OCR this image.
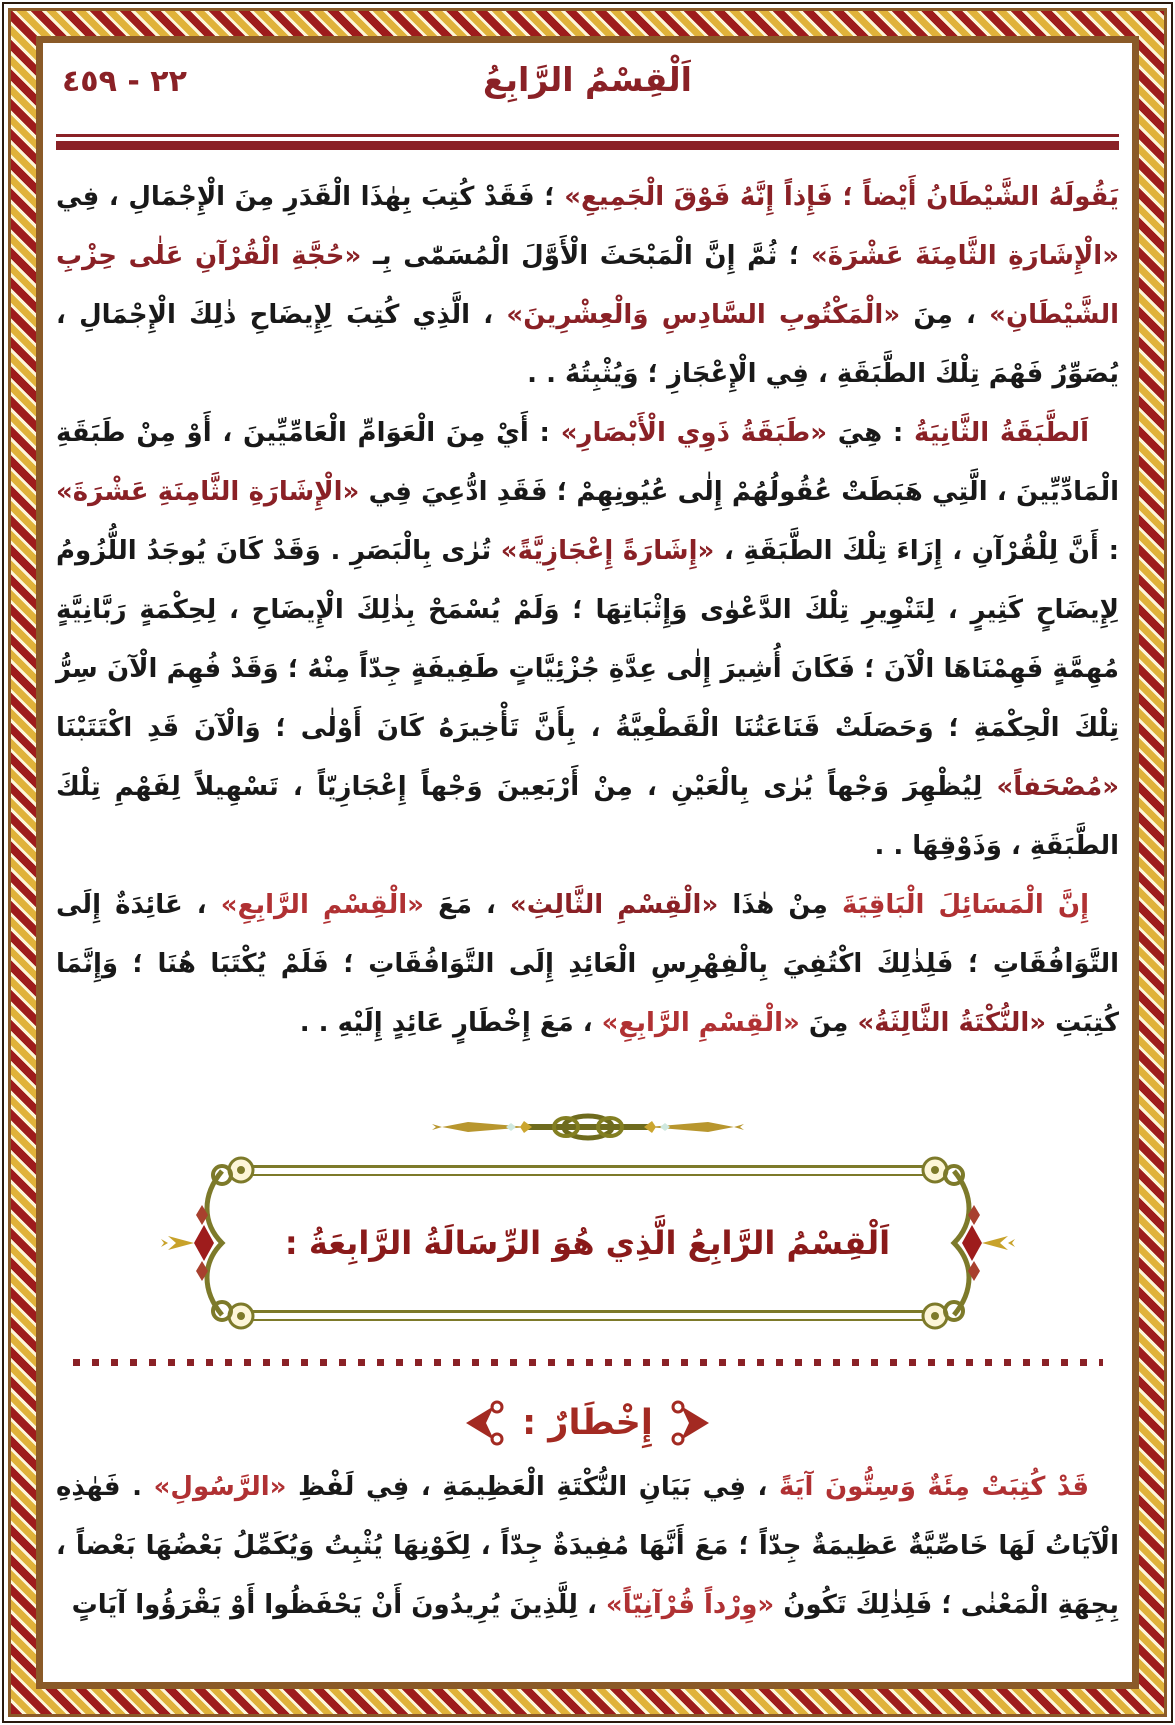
٢٢ - ٤٥٩	اَلْقِسْمُ الرَّابِعُ

يَقُولَهُ الشَّيْطَانُ أَيْضاً ؛ فَإِذاً إِنَّهُ فَوْقَ الْجَمِيعِ» ؛ فَقَدْ كُتِبَ بِهٰذَا الْقَدَرِ مِنَ الْإِجْمَالِ ، فِي «الْإِشَارَةِ الثَّامِنَةَ عَشْرَةَ» ؛ ثُمَّ إِنَّ الْمَبْحَثَ الْأَوَّلَ الْمُسَمّٰى بِـ «حُجَّةِ الْقُرْآنِ عَلٰى حِزْبِ الشَّيْطَانِ» ، مِنَ «الْمَكْتُوبِ السَّادِسِ وَالْعِشْرِينَ» ، الَّذِي كُتِبَ لِإِيضَاحِ ذٰلِكَ الْإِجْمَالِ ، يُصَوِّرُ فَهْمَ تِلْكَ الطَّبَقَةِ ، فِي الْإِعْجَازِ ؛ وَيُثْبِتُهُ . .

اَلطَّبَقَةُ الثَّانِيَةُ : هِيَ «طَبَقَةُ ذَوِي الْأَبْصَارِ» : أَيْ مِنَ الْعَوَامِّ الْعَامِّيِّينَ ، أَوْ مِنْ طَبَقَةِ الْمَادِّيِّينَ ، الَّتِي هَبَطَتْ عُقُولُهُمْ إِلٰى عُيُونِهِمْ ؛ فَقَدِ ادُّعِيَ فِي «الْإِشَارَةِ الثَّامِنَةِ عَشْرَةَ» : أَنَّ لِلْقُرْآنِ ، إِزَاءَ تِلْكَ الطَّبَقَةِ ، «إِشَارَةً إِعْجَازِيَّةً» تُرٰى بِالْبَصَرِ . وَقَدْ كَانَ يُوجَدُ اللُّزُومُ لِإِيضَاحٍ كَثِيرٍ ، لِتَنْوِيرِ تِلْكَ الدَّعْوٰى وَإِثْبَاتِهَا ؛ وَلَمْ يُسْمَحْ بِذٰلِكَ الْإِيضَاحِ ، لِحِكْمَةٍ رَبَّانِيَّةٍ مُهِمَّةٍ فَهِمْنَاهَا الْآنَ ؛ فَكَانَ أُشِيرَ إِلٰى عِدَّةِ جُزْئِيَّاتٍ طَفِيفَةٍ جِدّاً مِنْهُ ؛ وَقَدْ فُهِمَ الْآنَ سِرُّ تِلْكَ الْحِكْمَةِ ؛ وَحَصَلَتْ قَنَاعَتُنَا الْقَطْعِيَّةُ ، بِأَنَّ تَأْخِيرَهُ كَانَ أَوْلٰى ؛ وَالْآنَ قَدِ اكْتَتَبْنَا «مُصْحَفاً» لِيُظْهِرَ وَجْهاً يُرٰى بِالْعَيْنِ ، مِنْ أَرْبَعِينَ وَجْهاً إِعْجَازِيّاً ، تَسْهِيلاً لِفَهْمِ تِلْكَ الطَّبَقَةِ ، وَذَوْقِهَا . .

إِنَّ الْمَسَائِلَ الْبَاقِيَةَ مِنْ هٰذَا «الْقِسْمِ الثَّالِثِ» ، مَعَ «الْقِسْمِ الرَّابِعِ» ، عَائِدَةٌ إِلَى التَّوَافُقَاتِ ؛ فَلِذٰلِكَ اكْتُفِيَ بِالْفِهْرِسِ الْعَائِدِ إِلَى التَّوَافُقَاتِ ؛ فَلَمْ يُكْتَبَا هُنَا ؛ وَإِنَّمَا كُتِبَتِ «النُّكْتَةُ الثَّالِثَةُ» مِنَ «الْقِسْمِ الرَّابِعِ» ، مَعَ إِخْطَارٍ عَائِدٍ إِلَيْهِ . .

اَلْقِسْمُ الرَّابِعُ الَّذِي هُوَ الرِّسَالَةُ الرَّابِعَةُ :
إِخْطَارٌ :

قَدْ كُتِبَتْ مِئَةٌ وَسِتُّونَ آيَةً ، فِي بَيَانِ النُّكْتَةِ الْعَظِيمَةِ ، فِي لَفْظِ «الرَّسُولِ» . فَهٰذِهِ الْآيَاتُ لَهَا خَاصِّيَّةٌ عَظِيمَةٌ جِدّاً ؛ مَعَ أَنَّهَا مُفِيدَةٌ جِدّاً ، لِكَوْنِهَا يُثْبِتُ وَيُكَمِّلُ بَعْضُهَا بَعْضاً ، بِجِهَةِ الْمَعْنٰى ؛ فَلِذٰلِكَ تَكُونُ «وِرْداً قُرْآنِيّاً» ، لِلَّذِينَ يُرِيدُونَ أَنْ يَحْفَظُوا أَوْ يَقْرَؤُوا آيَاتٍ
